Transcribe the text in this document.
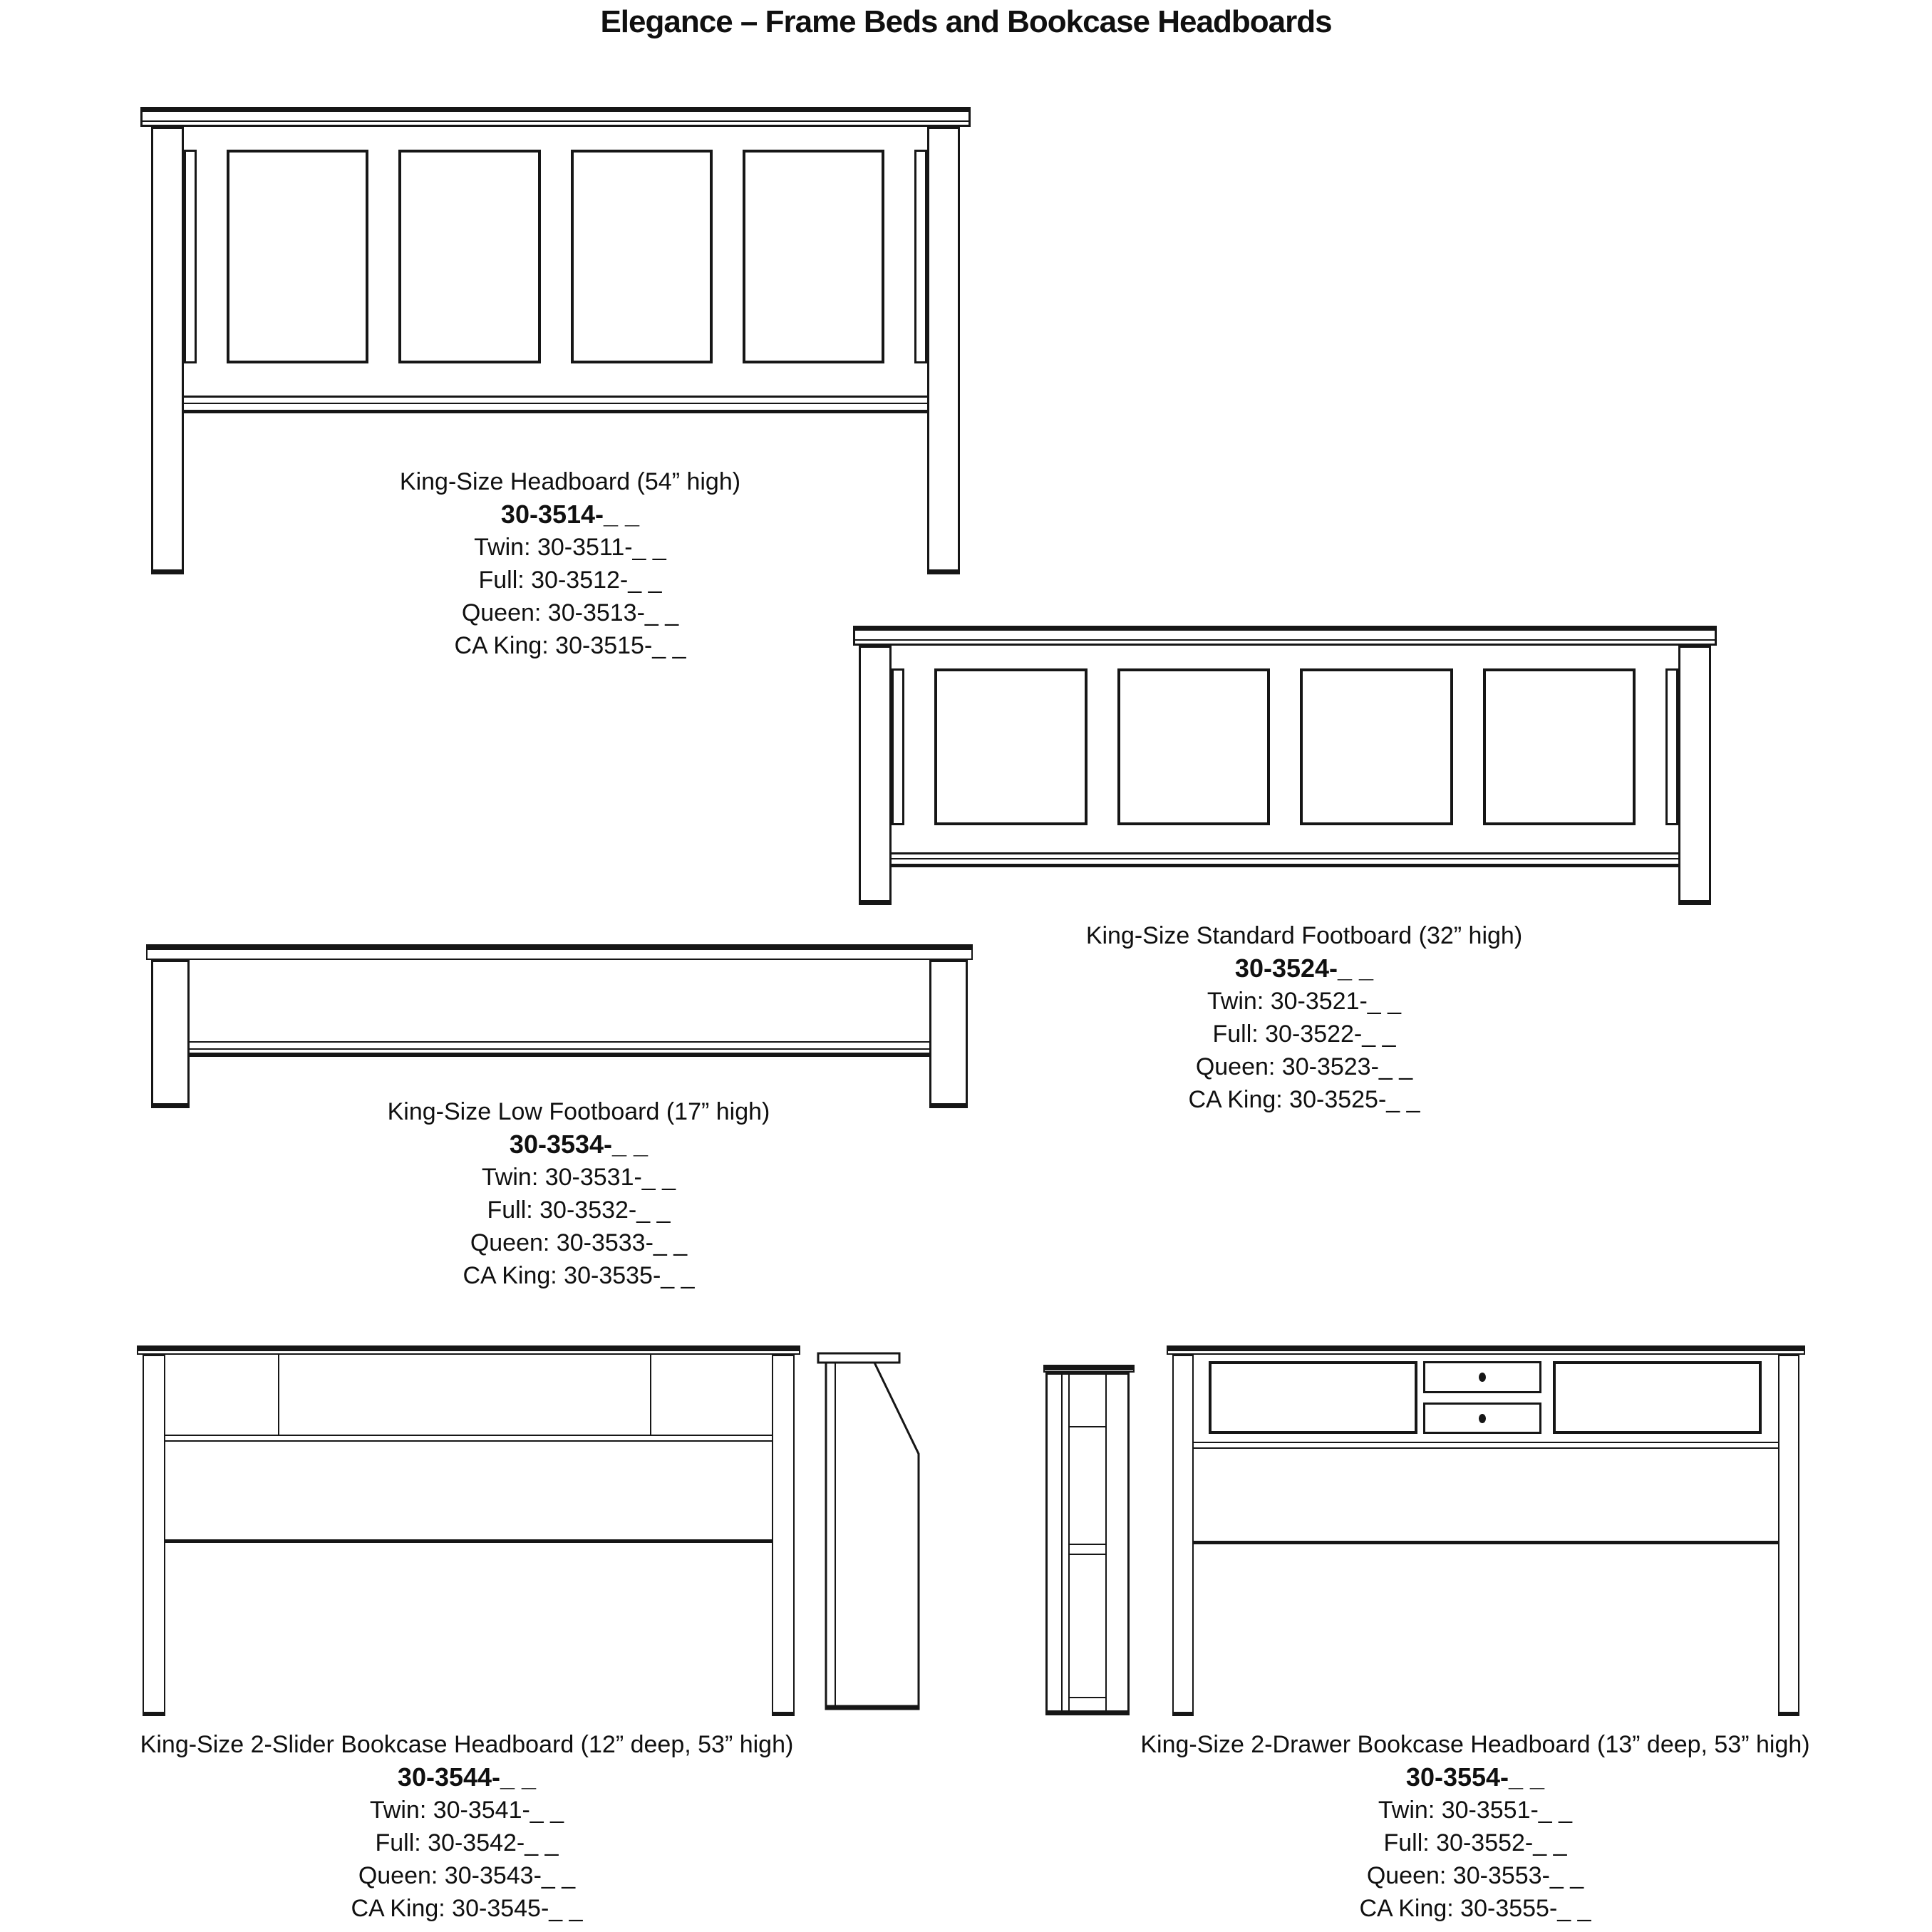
Elegance – Frame Beds and Bookcase Headboards
King-Size Headboard (54” high)
30-3514-_ _
Twin: 30-3511-_ _
Full: 30-3512-_ _
Queen: 30-3513-_ _
CA King: 30-3515-_ _
King-Size Standard Footboard (32” high)
30-3524-_ _
Twin: 30-3521-_ _
Full: 30-3522-_ _
Queen: 30-3523-_ _
CA King: 30-3525-_ _
King-Size Low Footboard (17” high)
30-3534-_ _
Twin: 30-3531-_ _
Full: 30-3532-_ _
Queen: 30-3533-_ _
CA King: 30-3535-_ _
King-Size 2-Slider Bookcase Headboard (12” deep, 53” high)
30-3544-_ _
Twin: 30-3541-_ _
Full: 30-3542-_ _
Queen: 30-3543-_ _
CA King: 30-3545-_ _
King-Size 2-Drawer Bookcase Headboard (13” deep, 53” high)
30-3554-_ _
Twin: 30-3551-_ _
Full: 30-3552-_ _
Queen: 30-3553-_ _
CA King: 30-3555-_ _
